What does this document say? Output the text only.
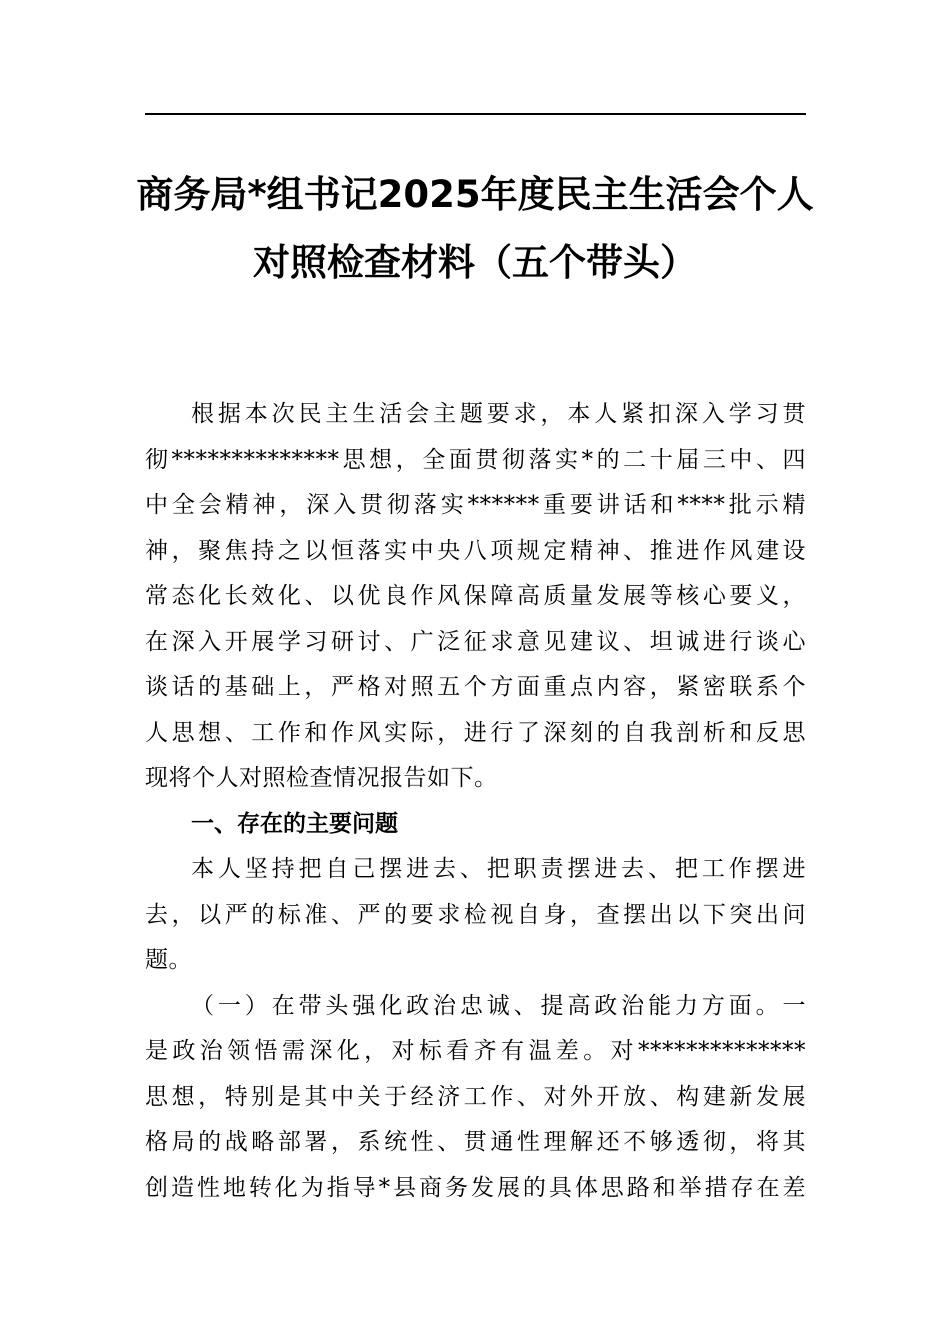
商务局*组书记2025年度民主生活会个人
对照检查材料（五个带头）
根据本次民主生活会主题要求，本人紧扣深入学习贯
彻**************思想，全面贯彻落实*的二十届三中、四
中全会精神，深入贯彻落实******重要讲话和****批示精
神，聚焦持之以恒落实中央八项规定精神、推进作风建设
常态化长效化、以优良作风保障高质量发展等核心要义，
在深入开展学习研讨、广泛征求意见建议、坦诚进行谈心
谈话的基础上，严格对照五个方面重点内容，紧密联系个
人思想、工作和作风实际，进行了深刻的自我剖析和反思
现将个人对照检查情况报告如下。
一、存在的主要问题
本人坚持把自己摆进去、把职责摆进去、把工作摆进
去，以严的标准、严的要求检视自身，查摆出以下突出问
题。
（一）在带头强化政治忠诚、提高政治能力方面。一
是政治领悟需深化，对标看齐有温差。对**************
思想，特别是其中关于经济工作、对外开放、构建新发展
格局的战略部署，系统性、贯通性理解还不够透彻，将其
创造性地转化为指导*县商务发展的具体思路和举措存在差
